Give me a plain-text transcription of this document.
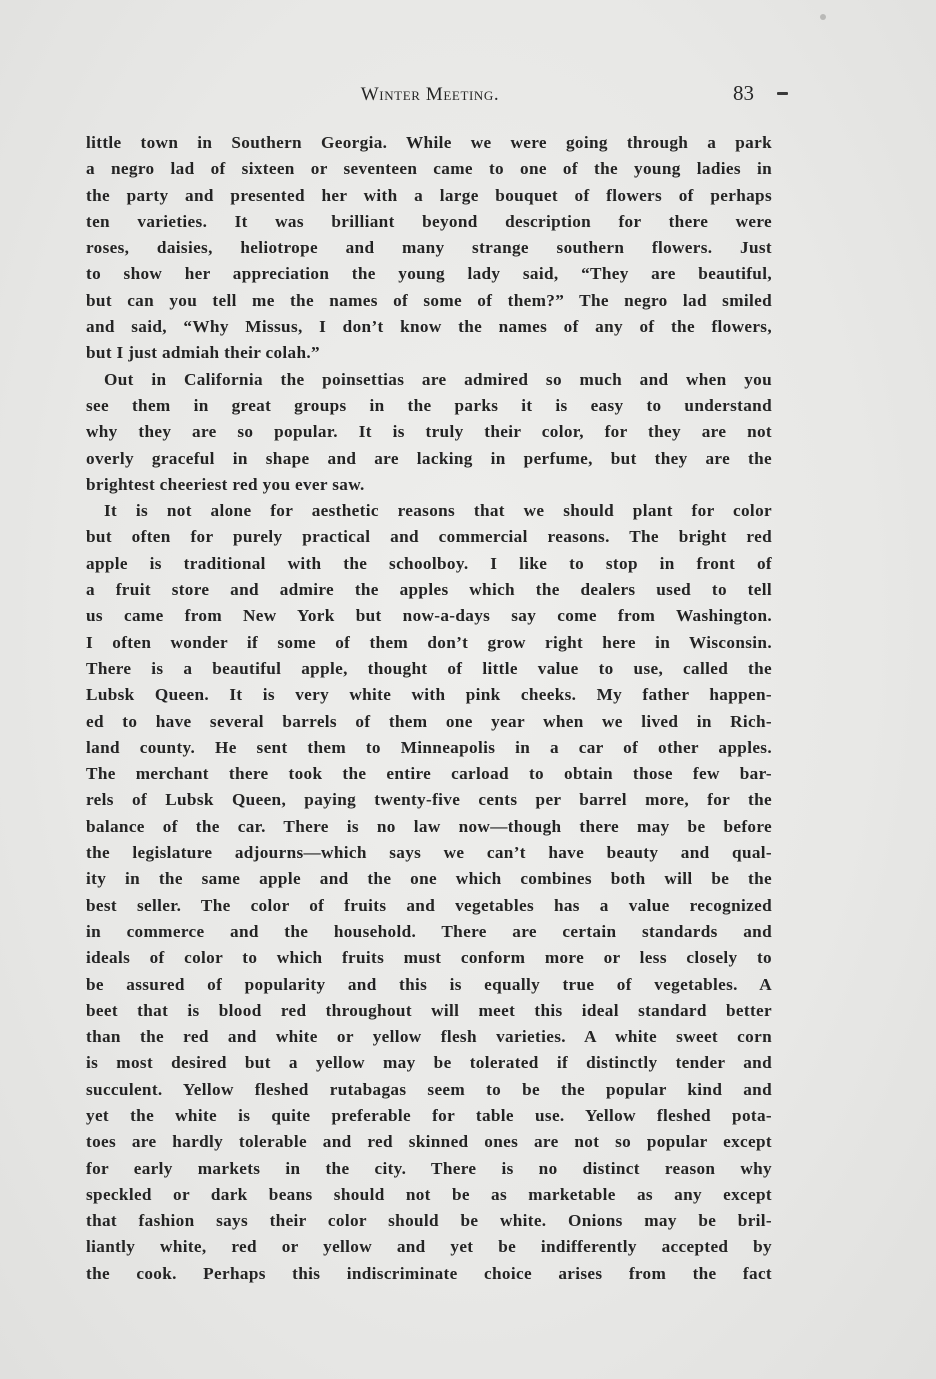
Winter Meeting.	83
little town in Southern Georgia. While we were going through a park
a negro lad of sixteen or seventeen came to one of the young ladies in
the party and presented her with a large bouquet of flowers of perhaps
ten varieties. It was brilliant beyond description for there were
roses, daisies, heliotrope and many strange southern flowers. Just
to show her appreciation the young lady said, “They are beautiful,
but can you tell me the names of some of them?” The negro lad smiled
and said, “Why Missus, I don’t know the names of any of the flowers,
but I just admiah their colah.”
Out in California the poinsettias are admired so much and when you
see them in great groups in the parks it is easy to understand
why they are so popular. It is truly their color, for they are not
overly graceful in shape and are lacking in perfume, but they are the
brightest cheeriest red you ever saw.
It is not alone for aesthetic reasons that we should plant for color
but often for purely practical and commercial reasons. The bright red
apple is traditional with the schoolboy. I like to stop in front of
a fruit store and admire the apples which the dealers used to tell
us came from New York but now-a-days say come from Washington.
I often wonder if some of them don’t grow right here in Wisconsin.
There is a beautiful apple, thought of little value to use, called the
Lubsk Queen. It is very white with pink cheeks. My father happen-
ed to have several barrels of them one year when we lived in Rich-
land county. He sent them to Minneapolis in a car of other apples.
The merchant there took the entire carload to obtain those few bar-
rels of Lubsk Queen, paying twenty-five cents per barrel more, for the
balance of the car. There is no law now—though there may be before
the legislature adjourns—which says we can’t have beauty and qual-
ity in the same apple and the one which combines both will be the
best seller. The color of fruits and vegetables has a value recognized
in commerce and the household. There are certain standards and
ideals of color to which fruits must conform more or less closely to
be assured of popularity and this is equally true of vegetables. A
beet that is blood red throughout will meet this ideal standard better
than the red and white or yellow flesh varieties. A white sweet corn
is most desired but a yellow may be tolerated if distinctly tender and
succulent. Yellow fleshed rutabagas seem to be the popular kind and
yet the white is quite preferable for table use. Yellow fleshed pota-
toes are hardly tolerable and red skinned ones are not so popular except
for early markets in the city. There is no distinct reason why
speckled or dark beans should not be as marketable as any except
that fashion says their color should be white. Onions may be bril-
liantly white, red or yellow and yet be indifferently accepted by
the cook. Perhaps this indiscriminate choice arises from the fact
